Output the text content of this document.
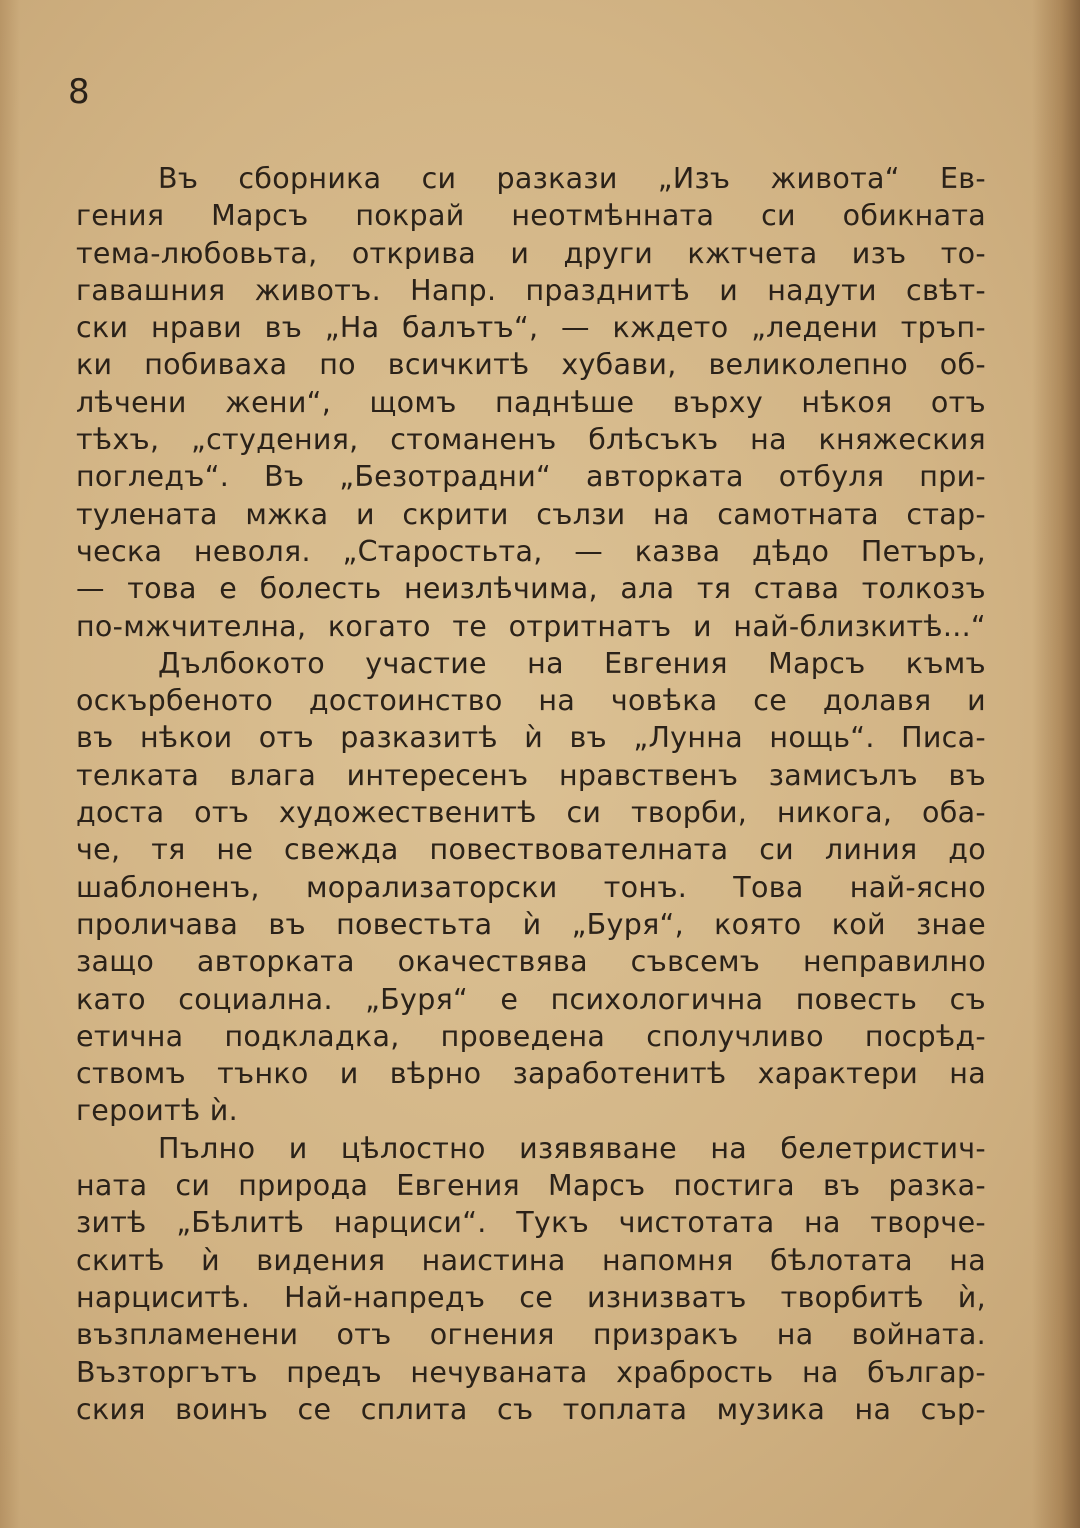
8
Въ сборника си разкази „Изъ живота“ Ев-
гения Марсъ покрай неотмѣнната си обикната
тема-любовьта, открива и други кжтчета изъ то-
гавашния животъ. Напр. празднитѣ и надути свѣт-
ски нрави въ „На балътъ“, — кждето „ледени тръп-
ки побиваха по всичкитѣ хубави, великолепно об-
лѣчени жени“, щомъ паднѣше върху нѣкоя отъ
тѣхъ, „студения, стоманенъ блѣсъкъ на княжеския
погледъ“. Въ „Безотрадни“ авторката отбуля при-
тулената мжка и скрити сълзи на самотната стар-
ческа неволя. „Старостьта, — казва дѣдо Петъръ,
— това е болесть неизлѣчима, ала тя става толкозъ
по-мжчителна, когато те отритнатъ и най-близкитѣ...“
Дълбокото участие на Евгения Марсъ къмъ
оскърбеното достоинство на човѣка се долавя и
въ нѣкои отъ разказитѣ ѝ въ „Лунна нощь“. Писа-
телката влага интересенъ нравственъ замисълъ въ
доста отъ художественитѣ си творби, никога, оба-
че, тя не свежда повествователната си линия до
шаблоненъ, морализаторски тонъ. Това най-ясно
проличава въ повестьта ѝ „Буря“, която кой знае
защо авторката окачествява съвсемъ неправилно
като социална. „Буря“ е психологична повесть съ
етична подкладка, проведена сполучливо посрѣд-
ствомъ тънко и вѣрно заработенитѣ характери на
героитѣ ѝ.
Пълно и цѣлостно изявяване на белетристич-
ната си природа Евгения Марсъ постига въ разка-
зитѣ „Бѣлитѣ нарциси“. Тукъ чистотата на творче-
скитѣ ѝ видения наистина напомня бѣлотата на
нарциситѣ. Най-напредъ се изнизватъ творбитѣ ѝ,
възпламенени отъ огнения призракъ на войната.
Възторгътъ предъ нечуваната храбрость на българ-
ския воинъ се сплита съ топлата музика на сър-
